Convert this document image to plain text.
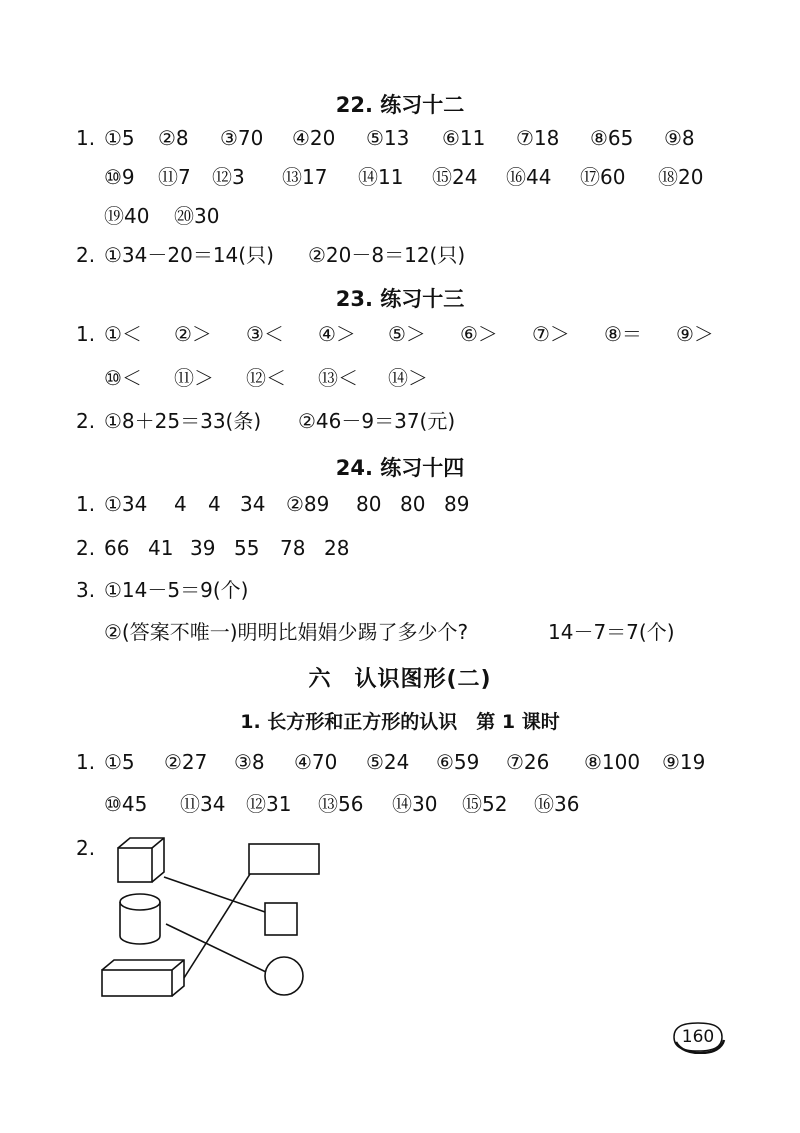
22. 练习十二
1. ①5 ②8 ③70 ④20 ⑤13 ⑥11 ⑦18 ⑧65 ⑨8
⑩9 ⑪7 ⑫3 ⑬17 ⑭11 ⑮24 ⑯44 ⑰60 ⑱20
⑲40 ⑳30
2. ①34－20＝14(只) ②20－8＝12(只)
23. 练习十三
1. ①＜ ②＞ ③＜ ④＞ ⑤＞ ⑥＞ ⑦＞ ⑧＝ ⑨＞
⑩＜ ⑪＞ ⑫＜ ⑬＜ ⑭＞
2. ①8＋25＝33(条) ②46－9＝37(元)
24. 练习十四
1. ①34 4 4 34 ②89 80 80 89
2. 66 41 39 55 78 28
3. ①14－5＝9(个)
②(答案不唯一)明明比娟娟少踢了多少个?	14－7＝7(个)
六　认识图形(二)
1. 长方形和正方形的认识　第 1 课时
1. ①5 ②27 ③8 ④70 ⑤24 ⑥59 ⑦26 ⑧100 ⑨19
⑩45 ⑪34 ⑫31 ⑬56 ⑭30 ⑮52 ⑯36
2.
160
